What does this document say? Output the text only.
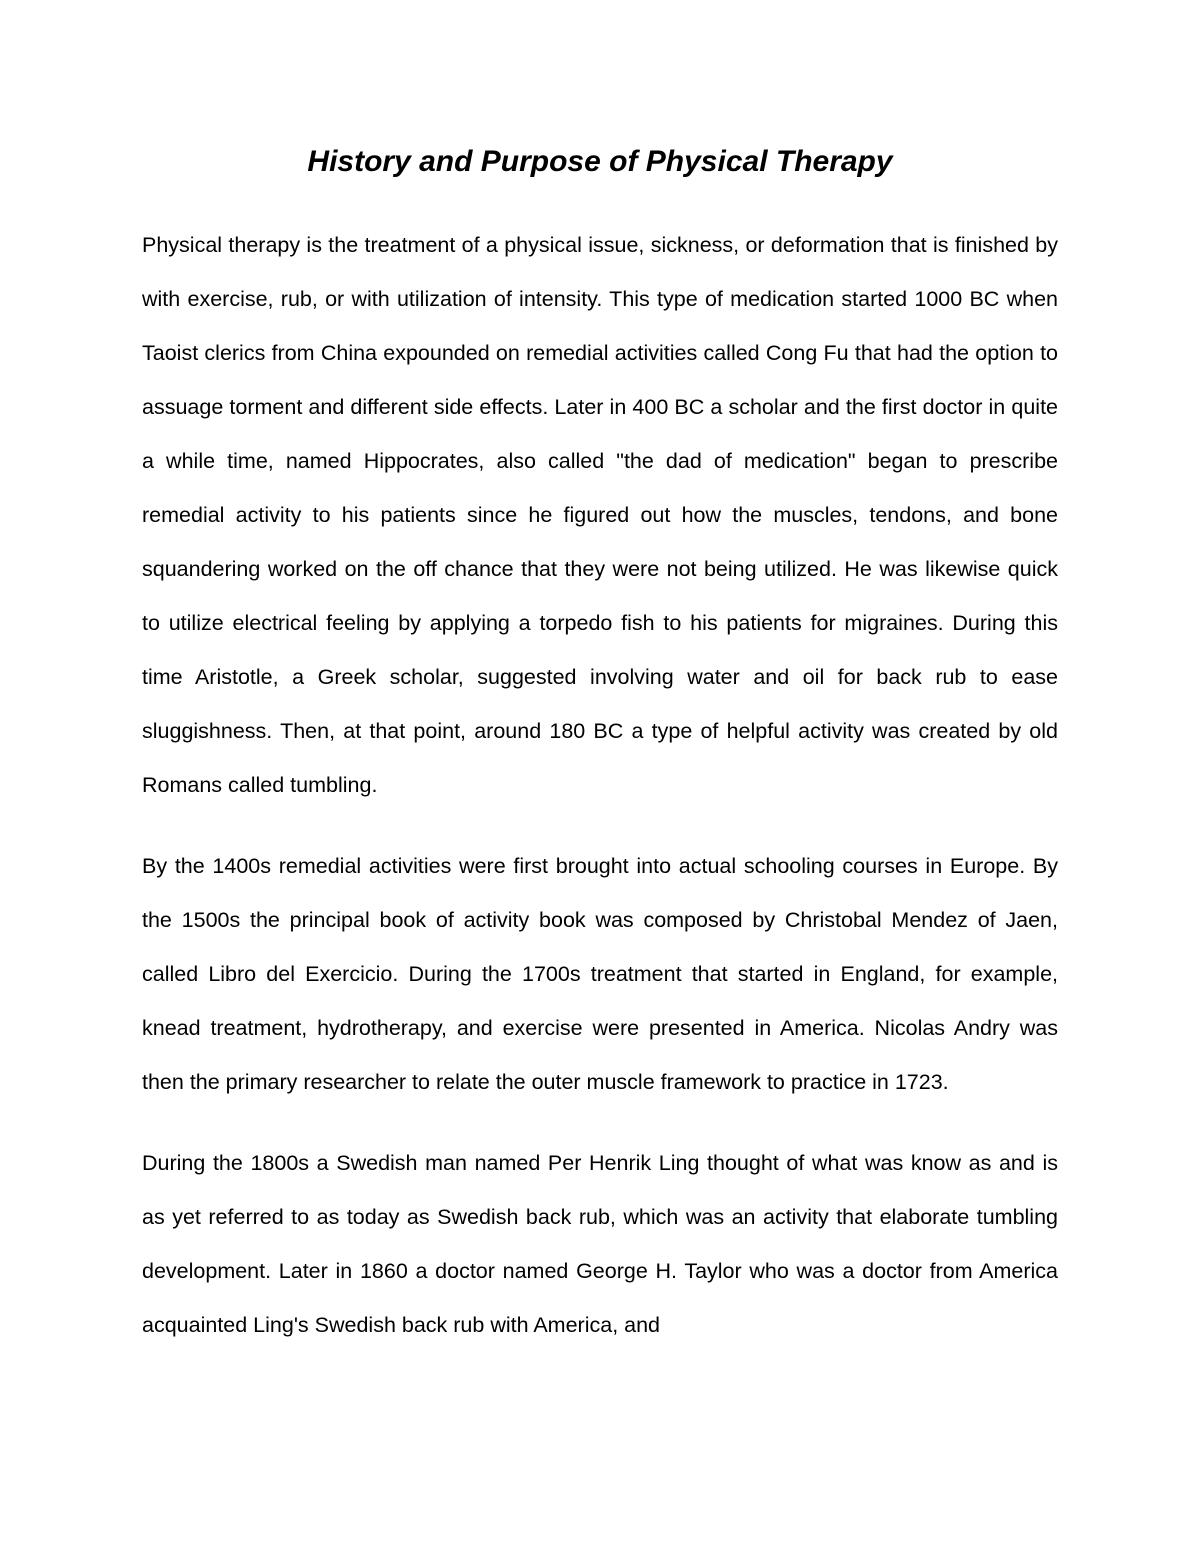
History and Purpose of Physical Therapy

Physical therapy is the treatment of a physical issue, sickness, or deformation that is finished by with exercise, rub, or with utilization of intensity. This type of medication started 1000 BC when Taoist clerics from China expounded on remedial activities called Cong Fu that had the option to assuage torment and different side effects. Later in 400 BC a scholar and the first doctor in quite a while time, named Hippocrates, also called "the dad of medication" began to prescribe remedial activity to his patients since he figured out how the muscles, tendons, and bone squandering worked on the off chance that they were not being utilized. He was likewise quick to utilize electrical feeling by applying a torpedo fish to his patients for migraines. During this time Aristotle, a Greek scholar, suggested involving water and oil for back rub to ease sluggishness. Then, at that point, around 180 BC a type of helpful activity was created by old Romans called tumbling.

By the 1400s remedial activities were first brought into actual schooling courses in Europe. By the 1500s the principal book of activity book was composed by Christobal Mendez of Jaen, called Libro del Exercicio. During the 1700s treatment that started in England, for example, knead treatment, hydrotherapy, and exercise were presented in America. Nicolas Andry was then the primary researcher to relate the outer muscle framework to practice in 1723.

During the 1800s a Swedish man named Per Henrik Ling thought of what was know as and is as yet referred to as today as Swedish back rub, which was an activity that elaborate tumbling development. Later in 1860 a doctor named George H. Taylor who was a doctor from America acquainted Ling's Swedish back rub with America, and
